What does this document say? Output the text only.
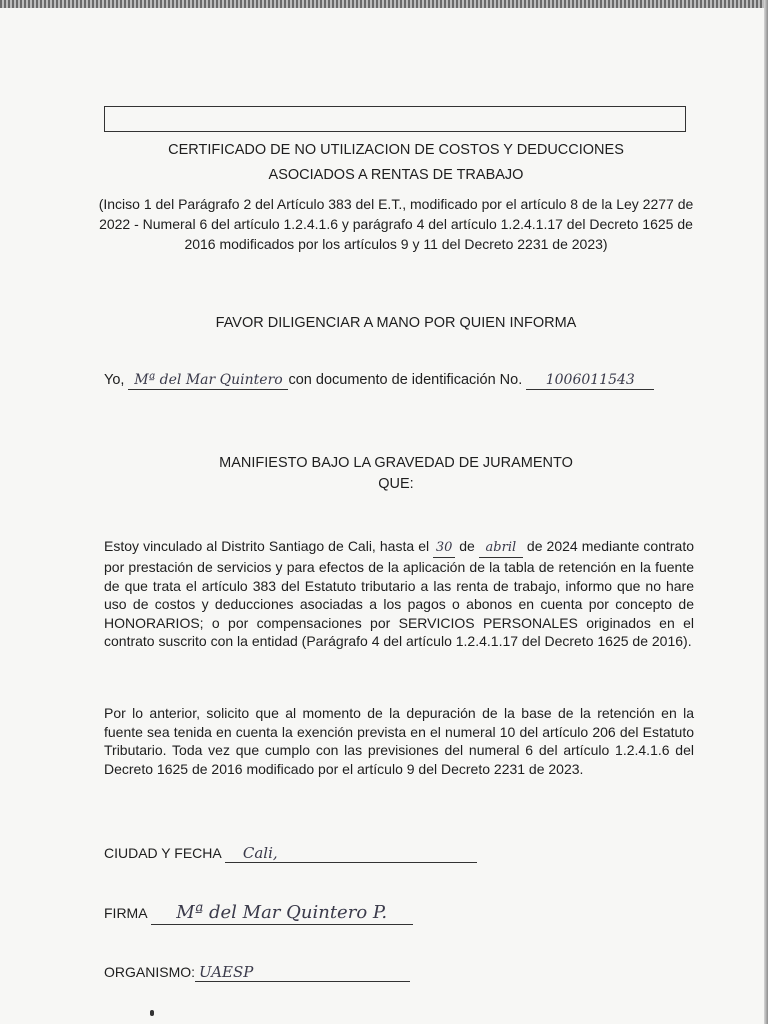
CERTIFICADO DE NO UTILIZACION DE COSTOS Y DEDUCCIONES
ASOCIADOS A RENTAS DE TRABAJO
(Inciso 1 del Parágrafo 2 del Artículo 383 del E.T., modificado por el artículo 8 de la Ley 2277 de 2022 - Numeral 6 del artículo 1.2.4.1.6 y parágrafo 4 del artículo 1.2.4.1.17 del Decreto 1625 de 2016 modificados por los artículos 9 y 11 del Decreto 2231 de 2023)
FAVOR DILIGENCIAR A MANO POR QUIEN INFORMA
Yo, Mª del Mar Quintero con documento de identificación No. 1006011543
MANIFIESTO BAJO LA GRAVEDAD DE JURAMENTO
QUE:
Estoy vinculado al Distrito Santiago de Cali, hasta el 30 de abril de 2024 mediante contrato por prestación de servicios y para efectos de la aplicación de la tabla de retención en la fuente de que trata el artículo 383 del Estatuto tributario a las renta de trabajo, informo que no hare uso de costos y deducciones asociadas a los pagos o abonos en cuenta por concepto de HONORARIOS; o por compensaciones por SERVICIOS PERSONALES originados en el contrato suscrito con la entidad (Parágrafo 4 del artículo 1.2.4.1.17 del Decreto 1625 de 2016).
Por lo anterior, solicito que al momento de la depuración de la base de la retención en la fuente sea tenida en cuenta la exención prevista en el numeral 10 del artículo 206 del Estatuto Tributario. Toda vez que cumplo con las previsiones del numeral 6 del artículo 1.2.4.1.6 del Decreto 1625 de 2016 modificado por el artículo 9 del Decreto 2231 de 2023.
CIUDAD Y FECHA Cali,
FIRMA Mª del Mar Quintero P.
ORGANISMO: UAESP
